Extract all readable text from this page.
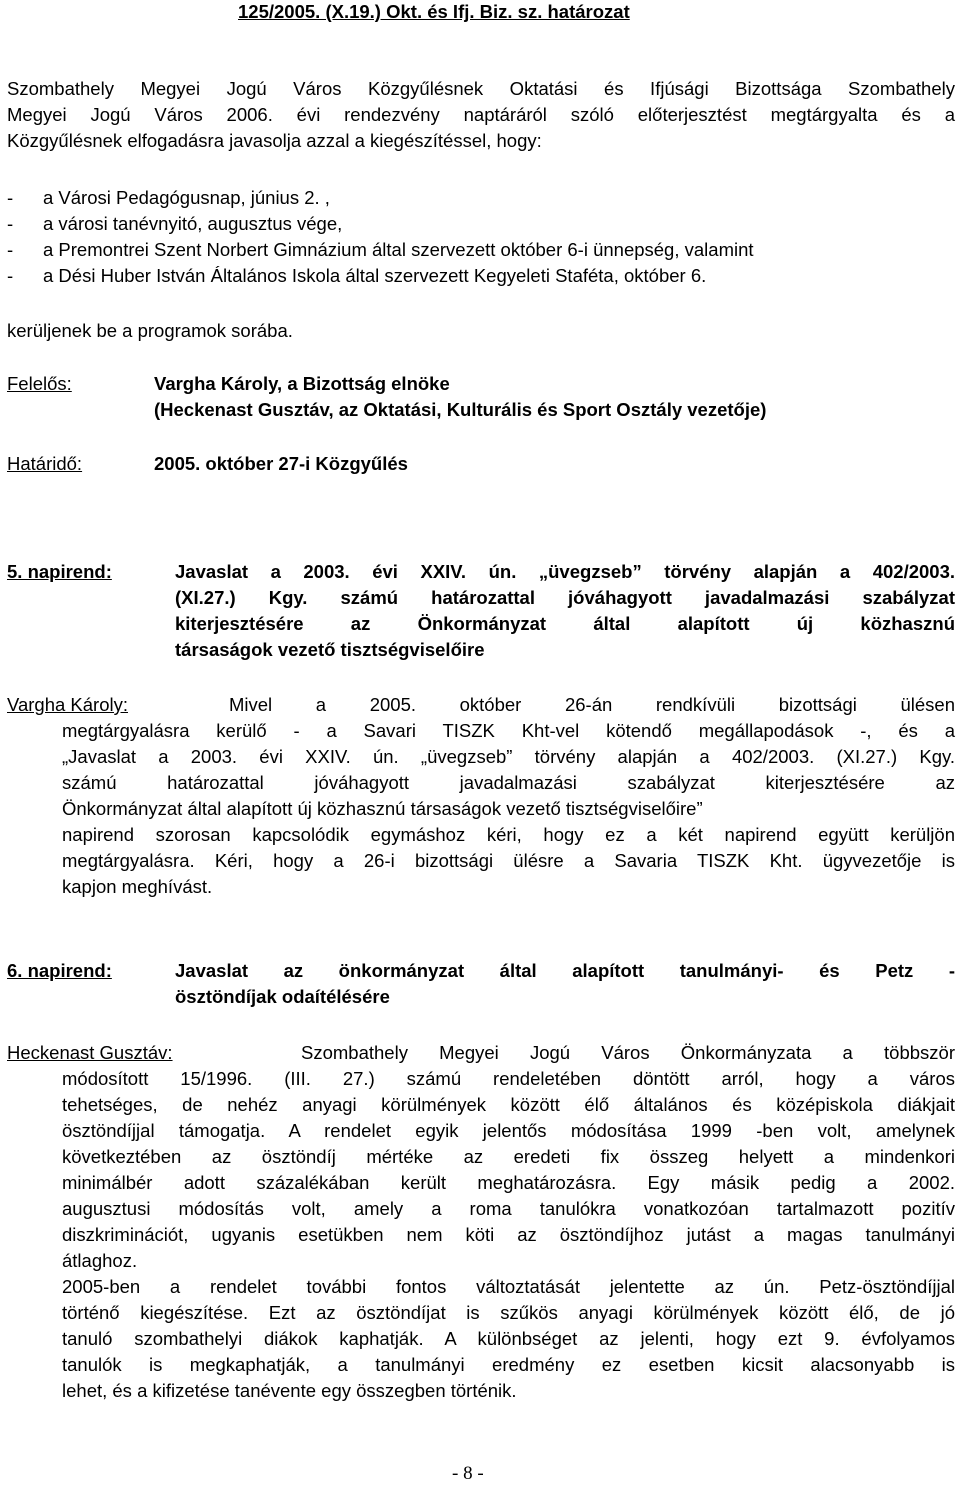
125/2005. (X.19.) Okt. és Ifj. Biz. sz. határozat
Szombathely Megyei Jogú Város Közgyűlésnek Oktatási és Ifjúsági Bizottsága Szombathely
Megyei Jogú Város 2006. évi rendezvény naptáráról szóló előterjesztést megtárgyalta és a
Közgyűlésnek elfogadásra javasolja azzal a kiegészítéssel, hogy:
- a Városi Pedagógusnap, június 2. ,
- a városi tanévnyitó, augusztus vége,
- a Premontrei Szent Norbert Gimnázium által szervezett október 6-i ünnepség, valamint
- a Dési Huber István Általános Iskola által szervezett Kegyeleti Staféta, október 6.
kerüljenek be a programok sorába.
Felelős:	Vargha Károly, a Bizottság elnöke
(Heckenast Gusztáv, az Oktatási, Kulturális és Sport Osztály vezetője)
Határidő:	2005. október 27-i Közgyűlés
5. napirend:	Javaslat a 2003. évi XXIV. ún. „üvegzseb” törvény alapján a 402/2003.
(XI.27.) Kgy. számú határozattal jóváhagyott javadalmazási szabályzat
kiterjesztésére az Önkormányzat által alapított új közhasznú
társaságok vezető tisztségviselőire
Vargha Károly:	Mivel a 2005. október 26-án rendkívüli bizottsági ülésen
megtárgyalásra kerülő - a Savari TISZK Kht-vel kötendő megállapodások -, és a
„Javaslat a 2003. évi XXIV. ún. „üvegzseb” törvény alapján a 402/2003. (XI.27.) Kgy.
számú határozattal jóváhagyott javadalmazási szabályzat kiterjesztésére az
Önkormányzat által alapított új közhasznú társaságok vezető tisztségviselőire”
napirend szorosan kapcsolódik egymáshoz kéri, hogy ez a két napirend együtt kerüljön
megtárgyalásra. Kéri, hogy a 26-i bizottsági ülésre a Savaria TISZK Kht. ügyvezetője is
kapjon meghívást.
6. napirend:	Javaslat az önkormányzat által alapított tanulmányi- és Petz -
ösztöndíjak odaítélésére
Heckenast Gusztáv:	Szombathely Megyei Jogú Város Önkormányzata a többször
módosított 15/1996. (III. 27.) számú rendeletében döntött arról, hogy a város
tehetséges, de nehéz anyagi körülmények között élő általános és középiskola diákjait
ösztöndíjjal támogatja. A rendelet egyik jelentős módosítása 1999 -ben volt, amelynek
következtében az ösztöndíj mértéke az eredeti fix összeg helyett a mindenkori
minimálbér adott százalékában került meghatározásra. Egy másik pedig a 2002.
augusztusi módosítás volt, amely a roma tanulókra vonatkozóan tartalmazott pozitív
diszkriminációt, ugyanis esetükben nem köti az ösztöndíjhoz jutást a magas tanulmányi
átlaghoz.
2005-ben a rendelet további fontos változtatását jelentette az ún. Petz-ösztöndíjjal
történő kiegészítése. Ezt az ösztöndíjat is szűkös anyagi körülmények között élő, de jó
tanuló szombathelyi diákok kaphatják. A különbséget az jelenti, hogy ezt 9. évfolyamos
tanulók is megkaphatják, a tanulmányi eredmény ez esetben kicsit alacsonyabb is
lehet, és a kifizetése tanévente egy összegben történik.
- 8 -
